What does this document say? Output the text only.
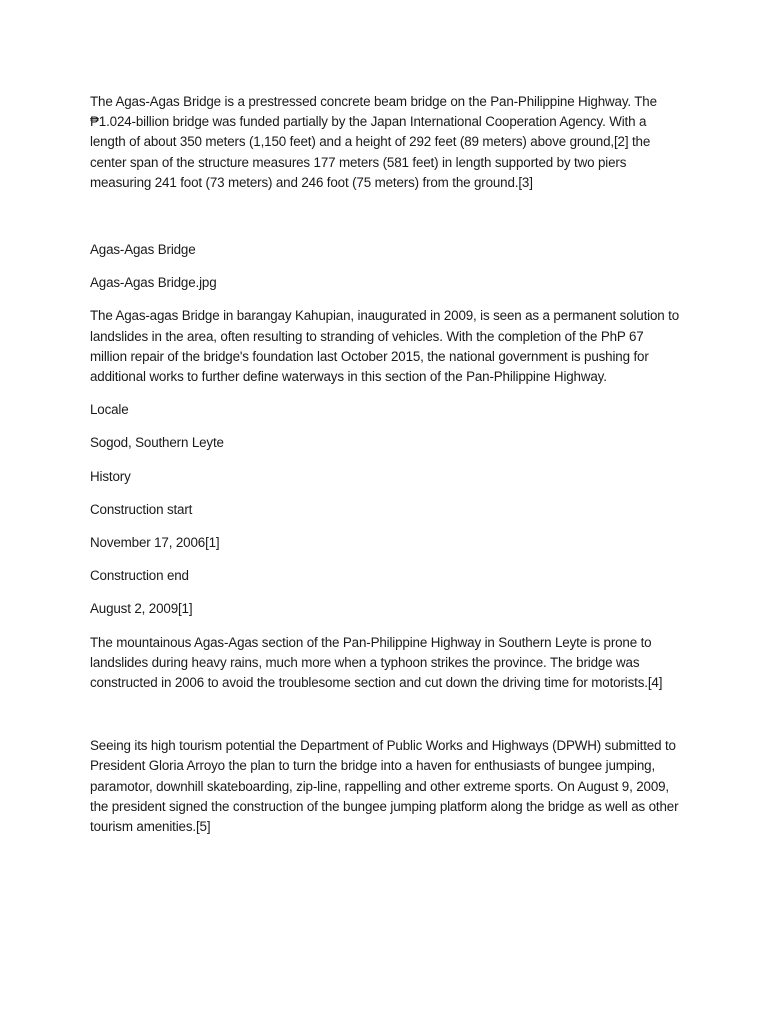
The Agas-Agas Bridge is a prestressed concrete beam bridge on the Pan-Philippine Highway. The ₱1.024-billion bridge was funded partially by the Japan International Cooperation Agency. With a length of about 350 meters (1,150 feet) and a height of 292 feet (89 meters) above ground,[2] the center span of the structure measures 177 meters (581 feet) in length supported by two piers measuring 241 foot (73 meters) and 246 foot (75 meters) from the ground.[3]

Agas-Agas Bridge

Agas-Agas Bridge.jpg

The Agas-agas Bridge in barangay Kahupian, inaugurated in 2009, is seen as a permanent solution to landslides in the area, often resulting to stranding of vehicles. With the completion of the PhP 67 million repair of the bridge's foundation last October 2015, the national government is pushing for additional works to further define waterways in this section of the Pan-Philippine Highway.

Locale

Sogod, Southern Leyte

History

Construction start

November 17, 2006[1]

Construction end

August 2, 2009[1]

The mountainous Agas-Agas section of the Pan-Philippine Highway in Southern Leyte is prone to landslides during heavy rains, much more when a typhoon strikes the province. The bridge was constructed in 2006 to avoid the troublesome section and cut down the driving time for motorists.[4]

Seeing its high tourism potential the Department of Public Works and Highways (DPWH) submitted to President Gloria Arroyo the plan to turn the bridge into a haven for enthusiasts of bungee jumping, paramotor, downhill skateboarding, zip-line, rappelling and other extreme sports. On August 9, 2009, the president signed the construction of the bungee jumping platform along the bridge as well as other tourism amenities.[5]
